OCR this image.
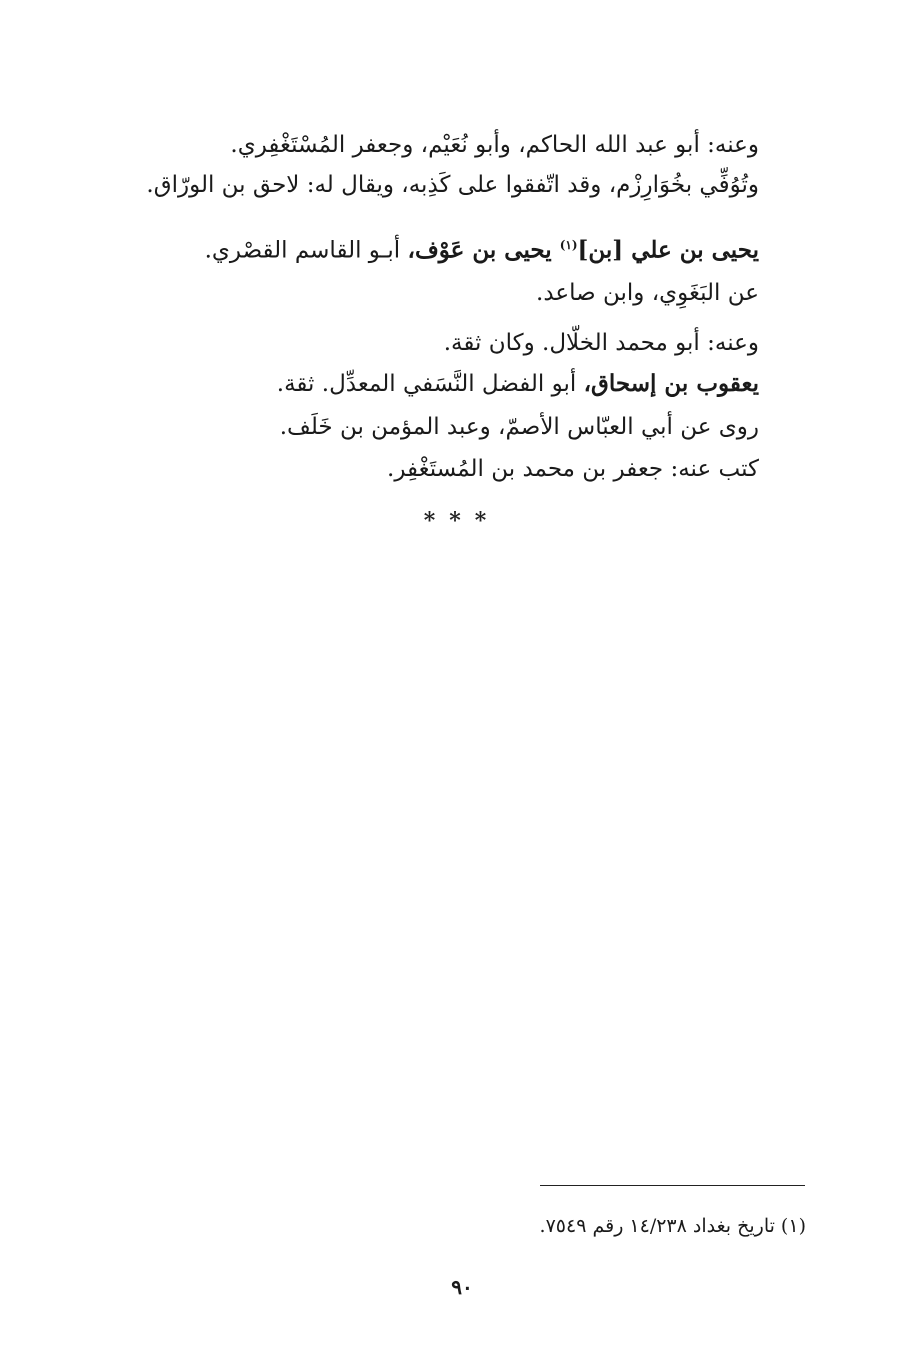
وعنه: أبو عبد الله الحاكم، وأبو نُعَيْم، وجعفر المُسْتَغْفِري.
وتُوُفِّي بخُوَارِزْم، وقد اتّفقوا على كَذِبه، ويقال له: لاحق بن الورّاق.
يحيى بن علي [بن]$^{(١)}$ يحيى بن عَوْف، أبـو القاسم القصْري.
عن البَغَوِي، وابن صاعد.
وعنه: أبو محمد الخلّال. وكان ثقة.
يعقوب بن إسحاق، أبو الفضل النَّسَفي المعدِّل. ثقة.
روى عن أبي العبّاس الأصمّ، وعبد المؤمن بن خَلَف.
كتب عنه: جعفر بن محمد بن المُستَغْفِر.
***
(١) تاريخ بغداد ١٤/٢٣٨ رقم ٧٥٤٩.
٩٠
